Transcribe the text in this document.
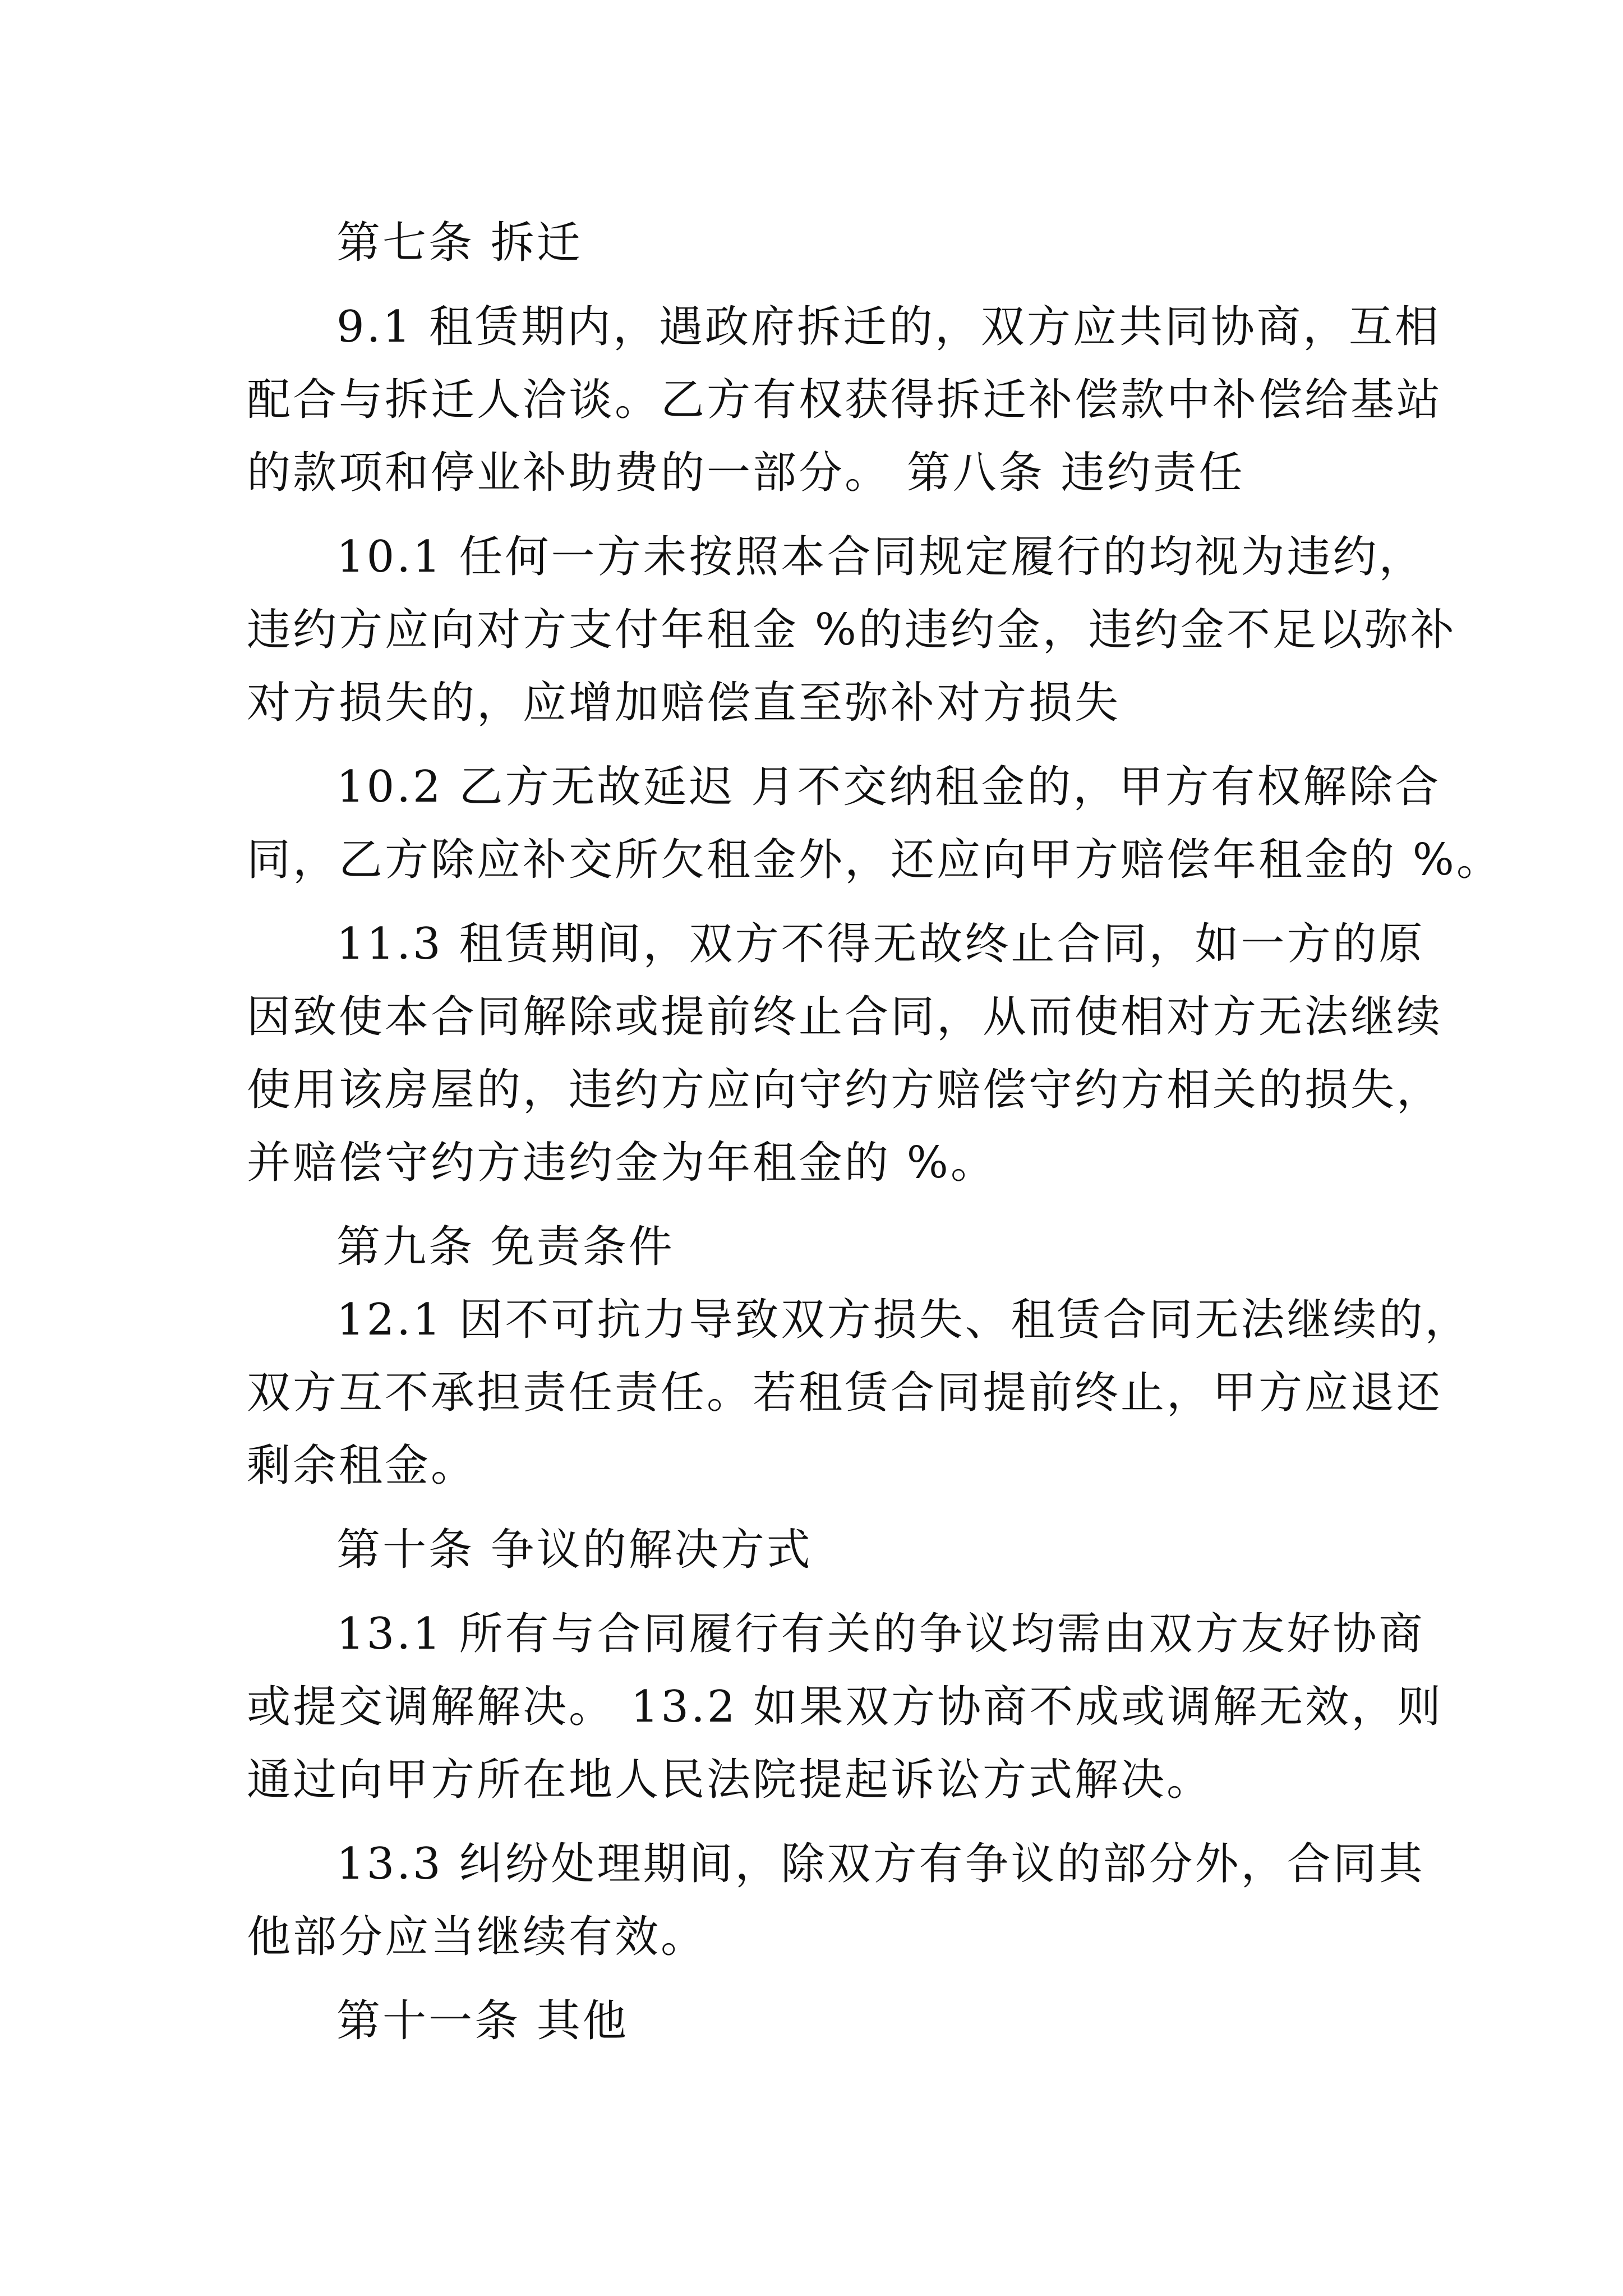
第七条 拆迁
9.1 租赁期内，遇政府拆迁的，双方应共同协商，互相
配合与拆迁人洽谈。乙方有权获得拆迁补偿款中补偿给基站
的款项和停业补助费的一部分。 第八条 违约责任
10.1 任何一方未按照本合同规定履行的均视为违约，
违约方应向对方支付年租金 %的违约金，违约金不足以弥补
对方损失的，应增加赔偿直至弥补对方损失
10.2 乙方无故延迟 月不交纳租金的，甲方有权解除合
同，乙方除应补交所欠租金外，还应向甲方赔偿年租金的 %。
11.3 租赁期间，双方不得无故终止合同，如一方的原
因致使本合同解除或提前终止合同，从而使相对方无法继续
使用该房屋的，违约方应向守约方赔偿守约方相关的损失，
并赔偿守约方违约金为年租金的 %。
第九条 免责条件
12.1 因不可抗力导致双方损失、租赁合同无法继续的，
双方互不承担责任责任。若租赁合同提前终止，甲方应退还
剩余租金。
第十条 争议的解决方式
13.1 所有与合同履行有关的争议均需由双方友好协商
或提交调解解决。 13.2 如果双方协商不成或调解无效，则
通过向甲方所在地人民法院提起诉讼方式解决。
13.3 纠纷处理期间，除双方有争议的部分外，合同其
他部分应当继续有效。
第十一条 其他
